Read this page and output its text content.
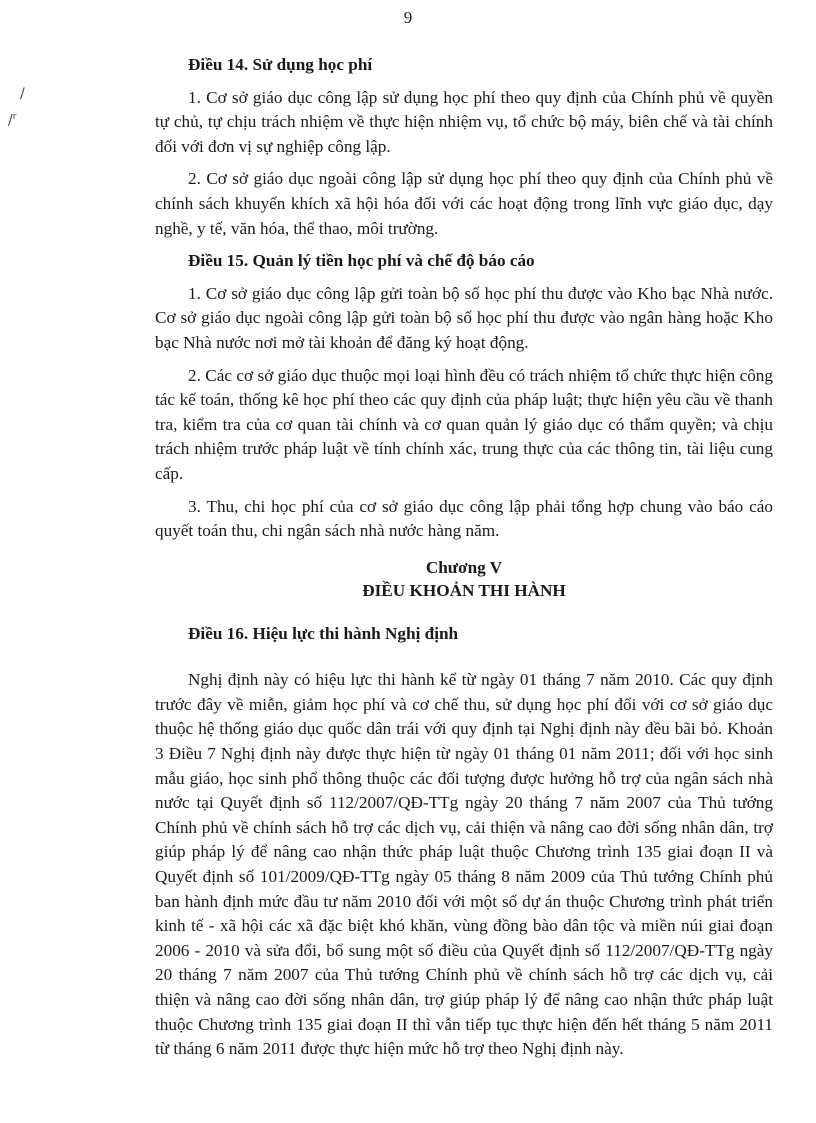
9
/
/$^r$
Điều 14. Sử dụng học phí

1. Cơ sở giáo dục công lập sử dụng học phí theo quy định của Chính phủ về quyền tự chủ, tự chịu trách nhiệm về thực hiện nhiệm vụ, tổ chức bộ máy, biên chế và tài chính đối với đơn vị sự nghiệp công lập.

2. Cơ sở giáo dục ngoài công lập sử dụng học phí theo quy định của Chính phủ về chính sách khuyến khích xã hội hóa đối với các hoạt động trong lĩnh vực giáo dục, dạy nghề, y tế, văn hóa, thể thao, môi trường.

Điều 15. Quản lý tiền học phí và chế độ báo cáo

1. Cơ sở giáo dục công lập gửi toàn bộ số học phí thu được vào Kho bạc Nhà nước. Cơ sở giáo dục ngoài công lập gửi toàn bộ số học phí thu được vào ngân hàng hoặc Kho bạc Nhà nước nơi mở tài khoản để đăng ký hoạt động.

2. Các cơ sở giáo dục thuộc mọi loại hình đều có trách nhiệm tổ chức thực hiện công tác kế toán, thống kê học phí theo các quy định của pháp luật; thực hiện yêu cầu về thanh tra, kiểm tra của cơ quan tài chính và cơ quan quản lý giáo dục có thẩm quyền; và chịu trách nhiệm trước pháp luật về tính chính xác, trung thực của các thông tin, tài liệu cung cấp.

3. Thu, chi học phí của cơ sở giáo dục công lập phải tổng hợp chung vào báo cáo quyết toán thu, chi ngân sách nhà nước hàng năm.

Chương V
ĐIỀU KHOẢN THI HÀNH
Điều 16. Hiệu lực thi hành Nghị định

Nghị định này có hiệu lực thi hành kể từ ngày 01 tháng 7 năm 2010. Các quy định trước đây về miễn, giảm học phí và cơ chế thu, sử dụng học phí đối với cơ sở giáo dục thuộc hệ thống giáo dục quốc dân trái với quy định tại Nghị định này đều bãi bỏ. Khoản 3 Điều 7 Nghị định này được thực hiện từ ngày 01 tháng 01 năm 2011; đối với học sinh mẫu giáo, học sinh phổ thông thuộc các đối tượng được hưởng hỗ trợ của ngân sách nhà nước tại Quyết định số 112/2007/QĐ-TTg ngày 20 tháng 7 năm 2007 của Thủ tướng Chính phủ về chính sách hỗ trợ các dịch vụ, cải thiện và nâng cao đời sống nhân dân, trợ giúp pháp lý để nâng cao nhận thức pháp luật thuộc Chương trình 135 giai đoạn II và Quyết định số 101/2009/QĐ-TTg ngày 05 tháng 8 năm 2009 của Thủ tướng Chính phủ ban hành định mức đầu tư năm 2010 đối với một số dự án thuộc Chương trình phát triển kinh tế - xã hội các xã đặc biệt khó khăn, vùng đồng bào dân tộc và miền núi giai đoạn 2006 - 2010 và sửa đổi, bổ sung một số điều của Quyết định số 112/2007/QĐ-TTg ngày 20 tháng 7 năm 2007 của Thủ tướng Chính phủ về chính sách hỗ trợ các dịch vụ, cải thiện và nâng cao đời sống nhân dân, trợ giúp pháp lý để nâng cao nhận thức pháp luật thuộc Chương trình 135 giai đoạn II thì vẫn tiếp tục thực hiện đến hết tháng 5 năm 2011 từ tháng 6 năm 2011 được thực hiện mức hỗ trợ theo Nghị định này.
